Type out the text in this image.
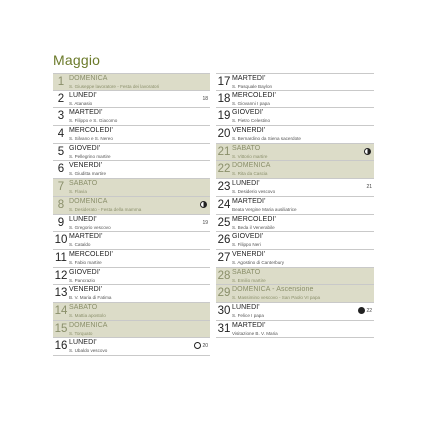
Maggio
1 DOMENICA
S. Giuseppe lavoratore - Festa dei lavoratori
2 LUNEDI'
S. Atanasio
18
3 MARTEDI'
S. Filippo e S. Giacomo
4 MERCOLEDI'
S. Silvano e S. Nereo
5 GIOVEDI'
S. Pellegrino martire
6 VENERDI'
S. Giuditta martire
7 SABATO
S. Flavia
8 DOMENICA
S. Desiderato - Festa della mamma
9 LUNEDI'
S. Gregorio vescovo
19
10 MARTEDI'
S. Cataldo
11 MERCOLEDI'
S. Fabio martire
12 GIOVEDI'
S. Pancrazio
13 VENERDI'
B. V. Maria di Fatima
14 SABATO
S. Mattia apostolo
15 DOMENICA
S. Torquato
16 LUNEDI'
S. Ubaldo vescovo
20
17 MARTEDI'
S. Pasquale Baylon
18 MERCOLEDI'
S. Giovanni I papa
19 GIOVEDI'
S. Pietro Celestino
20 VENERDI'
S. Bernardino da Siena sacerdote
21 SABATO
S. Vittorio martire
22 DOMENICA
S. Rita da Cascia
23 LUNEDI'
S. Desiderio vescovo
21
24 MARTEDI'
Beata Vergine Maria ausiliatrice
25 MERCOLEDI'
S. Beda il Venerabile
26 GIOVEDI'
S. Filippo Neri
27 VENERDI'
S. Agostino di Canterbury
28 SABATO
S. Emilio martire
29 DOMENICA - Ascensione
S. Massimino vescovo - San Paolo VI papa
30 LUNEDI'
S. Felice I papa
22
31 MARTEDI'
Visitazione B. V. Maria
